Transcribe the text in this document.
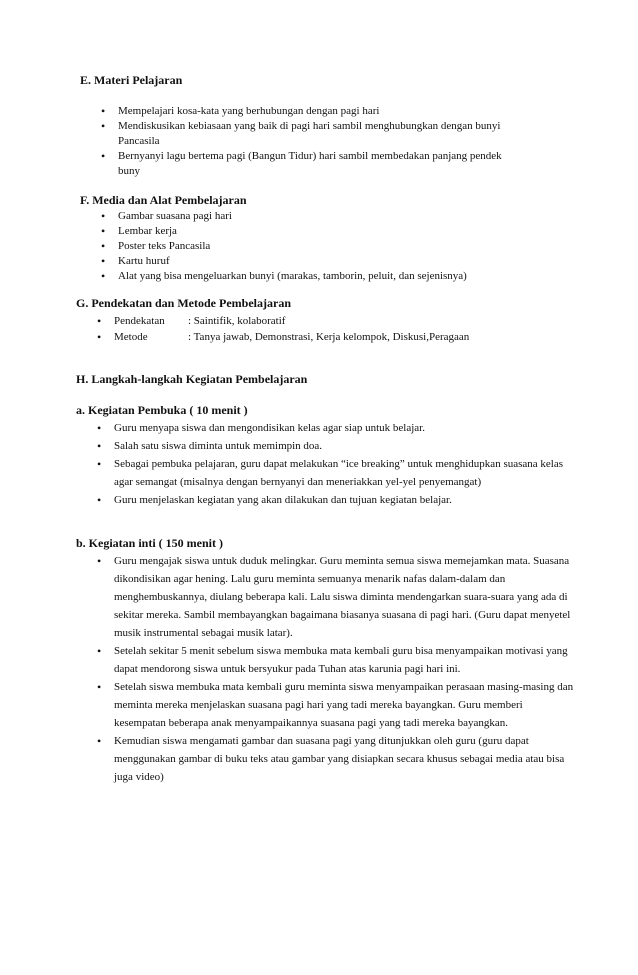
E. Materi Pelajaran
• Mempelajari kosa-kata yang berhubungan dengan pagi hari
• Mendiskusikan kebiasaan yang baik di pagi hari sambil menghubungkan dengan bunyi Pancasila
• Bernyanyi lagu bertema pagi (Bangun Tidur) hari sambil membedakan panjang pendek buny
F. Media dan Alat Pembelajaran
• Gambar suasana pagi hari
• Lembar kerja
• Poster teks Pancasila
• Kartu huruf
• Alat yang bisa mengeluarkan bunyi (marakas, tamborin, peluit, dan sejenisnya)
G. Pendekatan dan Metode Pembelajaran
• Pendekatan : Saintifik, kolaboratif
• Metode	: Tanya jawab, Demonstrasi, Kerja kelompok, Diskusi,Peragaan
H. Langkah-langkah Kegiatan Pembelajaran
a. Kegiatan Pembuka ( 10 menit )
• Guru menyapa siswa dan mengondisikan kelas agar siap untuk belajar.
• Salah satu siswa diminta untuk memimpin doa.
• Sebagai pembuka pelajaran, guru dapat melakukan “ice breaking” untuk menghidupkan suasana kelas agar semangat (misalnya dengan bernyanyi dan meneriakkan yel-yel penyemangat)
• Guru menjelaskan kegiatan yang akan dilakukan dan tujuan kegiatan belajar.
b. Kegiatan inti ( 150 menit )
• Guru mengajak siswa untuk duduk melingkar. Guru meminta semua siswa memejamkan mata. Suasana dikondisikan agar hening. Lalu guru meminta semuanya menarik nafas dalam-dalam dan menghembuskannya, diulang beberapa kali. Lalu siswa diminta mendengarkan suara-suara yang ada di sekitar mereka. Sambil membayangkan bagaimana biasanya suasana di pagi hari. (Guru dapat menyetel musik instrumental sebagai musik latar).
• Setelah sekitar 5 menit sebelum siswa membuka mata kembali guru bisa menyampaikan motivasi yang dapat mendorong siswa untuk bersyukur pada Tuhan atas karunia pagi hari ini.
• Setelah siswa membuka mata kembali guru meminta siswa menyampaikan perasaan masing-masing dan meminta mereka menjelaskan suasana pagi hari yang tadi mereka bayangkan. Guru memberi kesempatan beberapa anak menyampaikannya suasana pagi yang tadi mereka bayangkan.
• Kemudian siswa mengamati gambar dan suasana pagi yang ditunjukkan oleh guru (guru dapat menggunakan gambar di buku teks atau gambar yang disiapkan secara khusus sebagai media atau bisa juga video)
